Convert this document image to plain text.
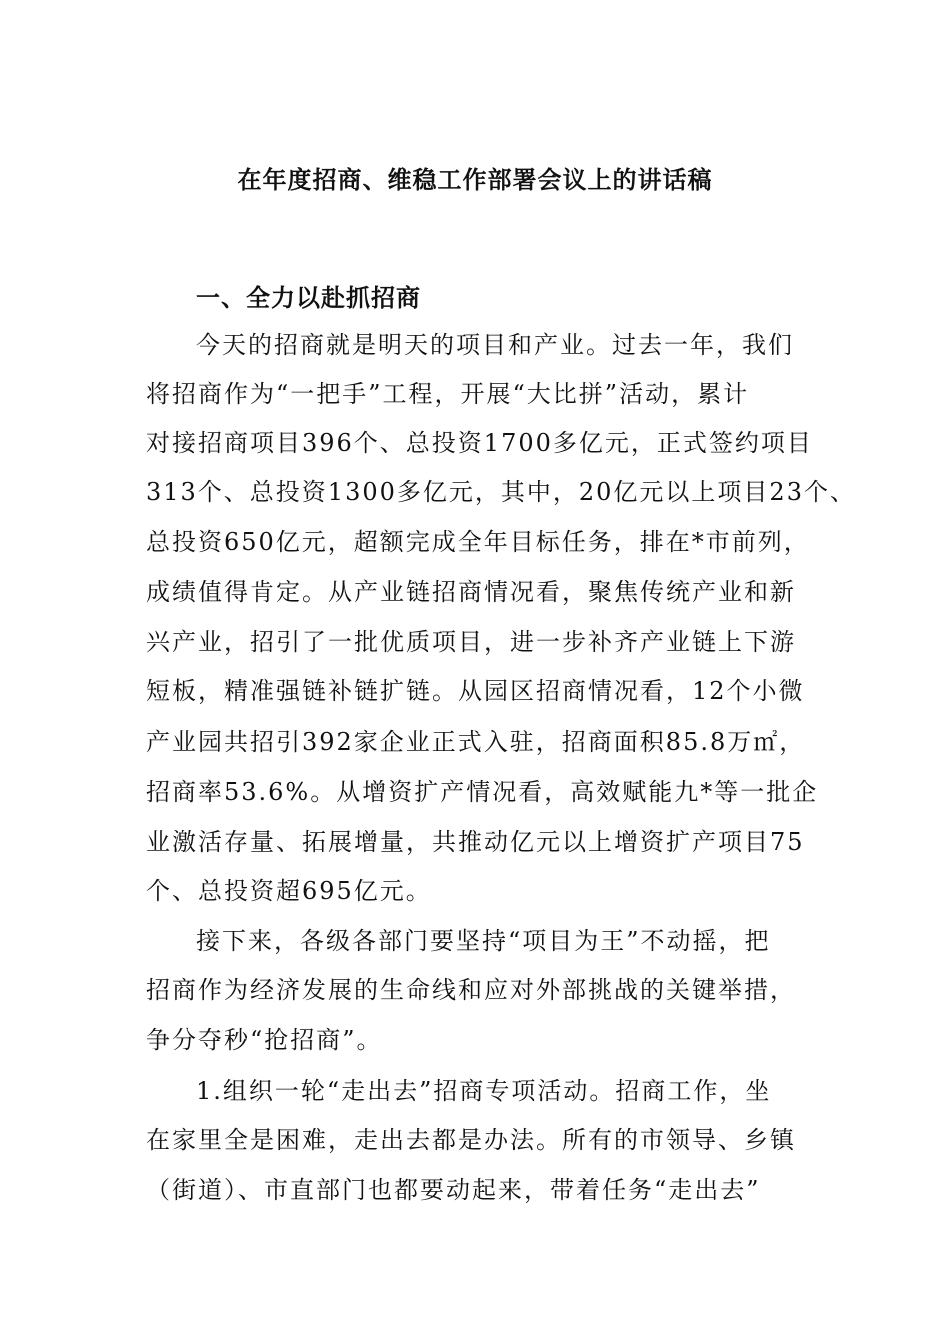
在年度招商、维稳工作部署会议上的讲话稿
一、全力以赴抓招商
今天的招商就是明天的项目和产业。过去一年，我们
将招商作为“一把手”工程，开展“大比拼”活动，累计
对接招商项目396个、总投资1700多亿元，正式签约项目
313个、总投资1300多亿元，其中，20亿元以上项目23个、
总投资650亿元，超额完成全年目标任务，排在*市前列，
成绩值得肯定。从产业链招商情况看，聚焦传统产业和新
兴产业，招引了一批优质项目，进一步补齐产业链上下游
短板，精准强链补链扩链。从园区招商情况看，12个小微
产业园共招引392家企业正式入驻，招商面积85.8万㎡，
招商率53.6%。从增资扩产情况看，高效赋能九*等一批企
业激活存量、拓展增量，共推动亿元以上增资扩产项目75
个、总投资超695亿元。
接下来，各级各部门要坚持“项目为王”不动摇，把
招商作为经济发展的生命线和应对外部挑战的关键举措，
争分夺秒“抢招商”。
1.组织一轮“走出去”招商专项活动。招商工作，坐
在家里全是困难，走出去都是办法。所有的市领导、乡镇
（街道）、市直部门也都要动起来，带着任务“走出去”
